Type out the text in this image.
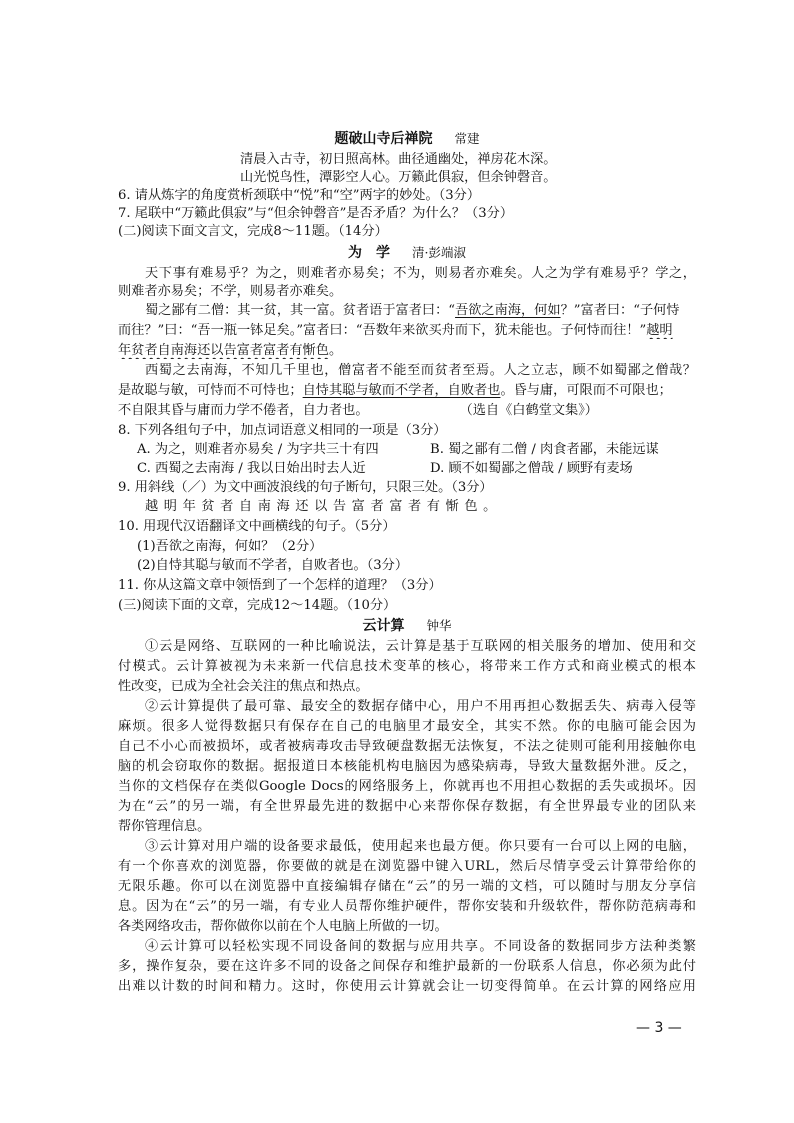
题破山寺后禅院 常建
清晨入古寺，初日照高林。曲径通幽处，禅房花木深。
山光悦鸟性，潭影空人心。万籁此俱寂，但余钟磬音。
6. 请从炼字的角度赏析颈联中“悦”和“空”两字的妙处。（3分）
7. 尾联中“万籁此俱寂”与“但余钟磬音”是否矛盾？为什么？（3分）
(二)阅读下面文言文，完成8～11题。（14分）
为　学 清·彭端淑
天下事有难易乎？为之，则难者亦易矣；不为，则易者亦难矣。人之为学有难易乎？学之，
则难者亦易矣；不学，则易者亦难矣。
蜀之鄙有二僧：其一贫，其一富。贫者语于富者曰：“吾欲之南海，何如？”富者曰：“子何恃
而往？”曰：“吾一瓶一钵足矣。”富者曰：“吾数年来欲买舟而下，犹未能也。子何恃而往！”越明
年贫者自南海还以告富者富者有惭色。
西蜀之去南海，不知几千里也，僧富者不能至而贫者至焉。人之立志，顾不如蜀鄙之僧哉？
是故聪与敏，可恃而不可恃也；自恃其聪与敏而不学者，自败者也。昏与庸，可限而不可限也；
不自限其昏与庸而力学不倦者，自力者也。	（选自《白鹤堂文集》）
8. 下列各组句子中，加点词语意义相同的一项是（3分）
A. 为之，则难者亦易矣 / 为字共三十有四	B. 蜀之鄙有二僧 / 肉食者鄙，未能远谋
C. 西蜀之去南海 / 我以日始出时去人近	D. 顾不如蜀鄙之僧哉 / 顾野有麦场
9. 用斜线（／）为文中画波浪线的句子断句，只限三处。（3分）
越明年贫者自南海还以告富者富者有惭色。
10. 用现代汉语翻译文中画横线的句子。（5分）
(1)吾欲之南海，何如？（2分）
(2)自恃其聪与敏而不学者，自败者也。（3分）
11. 你从这篇文章中领悟到了一个怎样的道理？（3分）
(三)阅读下面的文章，完成12～14题。（10分）
云计算 钟华
①云是网络、互联网的一种比喻说法，云计算是基于互联网的相关服务的增加、使用和交
付模式。云计算被视为未来新一代信息技术变革的核心，将带来工作方式和商业模式的根本
性改变，已成为全社会关注的焦点和热点。
②云计算提供了最可靠、最安全的数据存储中心，用户不用再担心数据丢失、病毒入侵等
麻烦。很多人觉得数据只有保存在自己的电脑里才最安全，其实不然。你的电脑可能会因为
自己不小心而被损坏，或者被病毒攻击导致硬盘数据无法恢复，不法之徒则可能利用接触你电
脑的机会窃取你的数据。据报道日本核能机构电脑因为感染病毒，导致大量数据外泄。反之，
当你的文档保存在类似Google Docs的网络服务上，你就再也不用担心数据的丢失或损坏。因
为在“云”的另一端，有全世界最先进的数据中心来帮你保存数据，有全世界最专业的团队来
帮你管理信息。
③云计算对用户端的设备要求最低，使用起来也最方便。你只要有一台可以上网的电脑，
有一个你喜欢的浏览器，你要做的就是在浏览器中键入URL，然后尽情享受云计算带给你的
无限乐趣。你可以在浏览器中直接编辑存储在“云”的另一端的文档，可以随时与朋友分享信
息。因为在“云”的另一端，有专业人员帮你维护硬件，帮你安装和升级软件，帮你防范病毒和
各类网络攻击，帮你做你以前在个人电脑上所做的一切。
④云计算可以轻松实现不同设备间的数据与应用共享。不同设备的数据同步方法种类繁
多，操作复杂，要在这许多不同的设备之间保存和维护最新的一份联系人信息，你必须为此付
出难以计数的时间和精力。这时，你使用云计算就会让一切变得简单。在云计算的网络应用
— 3 —
